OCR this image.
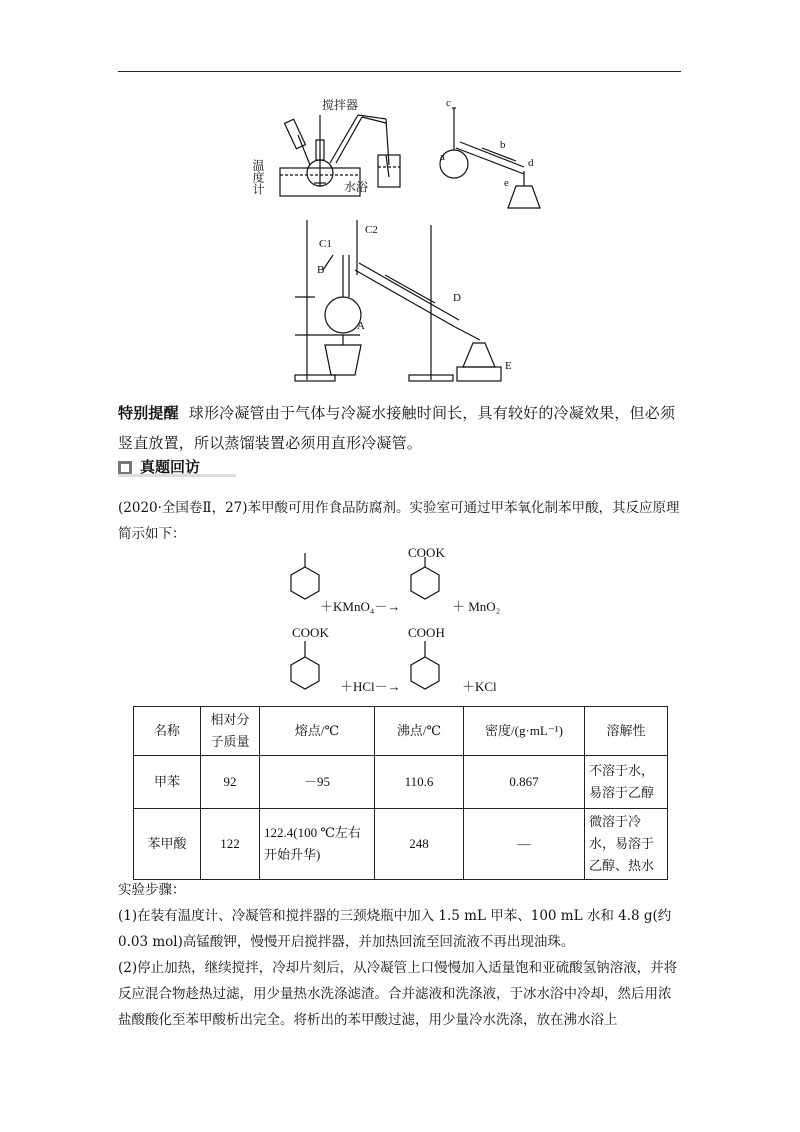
搅拌器
温度计	水浴
c
a
b
d
e
C1
C2
B
A
D
E
特别提醒 球形冷凝管由于气体与冷凝水接触时间长，具有较好的冷凝效果，但必须竖直放置，所以蒸馏装置必须用直形冷凝管。
真题回访
(2020·全国卷Ⅱ，27)苯甲酸可用作食品防腐剂。实验室可通过甲苯氧化制苯甲酸，其反应原理简示如下：
COOK
＋KMnO₄－→	＋ MnO₂
COOK	COOH
＋HCl－→	＋KCl
名称	相对分子质量	熔点/℃	沸点/℃	密度/(g·mL⁻¹)	溶解性
甲苯	92	－95	110.6	0.867	不溶于水，易溶于乙醇
苯甲酸	122	122.4(100 ℃左右开始升华)	248	—	微溶于冷水，易溶于乙醇、热水
实验步骤：
(1)在装有温度计、冷凝管和搅拌器的三颈烧瓶中加入 1.5 mL 甲苯、100 mL 水和 4.8 g(约 0.03 mol)高锰酸钾，慢慢开启搅拌器，并加热回流至回流液不再出现油珠。
(2)停止加热，继续搅拌，冷却片刻后，从冷凝管上口慢慢加入适量饱和亚硫酸氢钠溶液，并将反应混合物趁热过滤，用少量热水洗涤滤渣。合并滤液和洗涤液，于冰水浴中冷却，然后用浓盐酸酸化至苯甲酸析出完全。将析出的苯甲酸过滤，用少量冷水洗涤，放在沸水浴上
